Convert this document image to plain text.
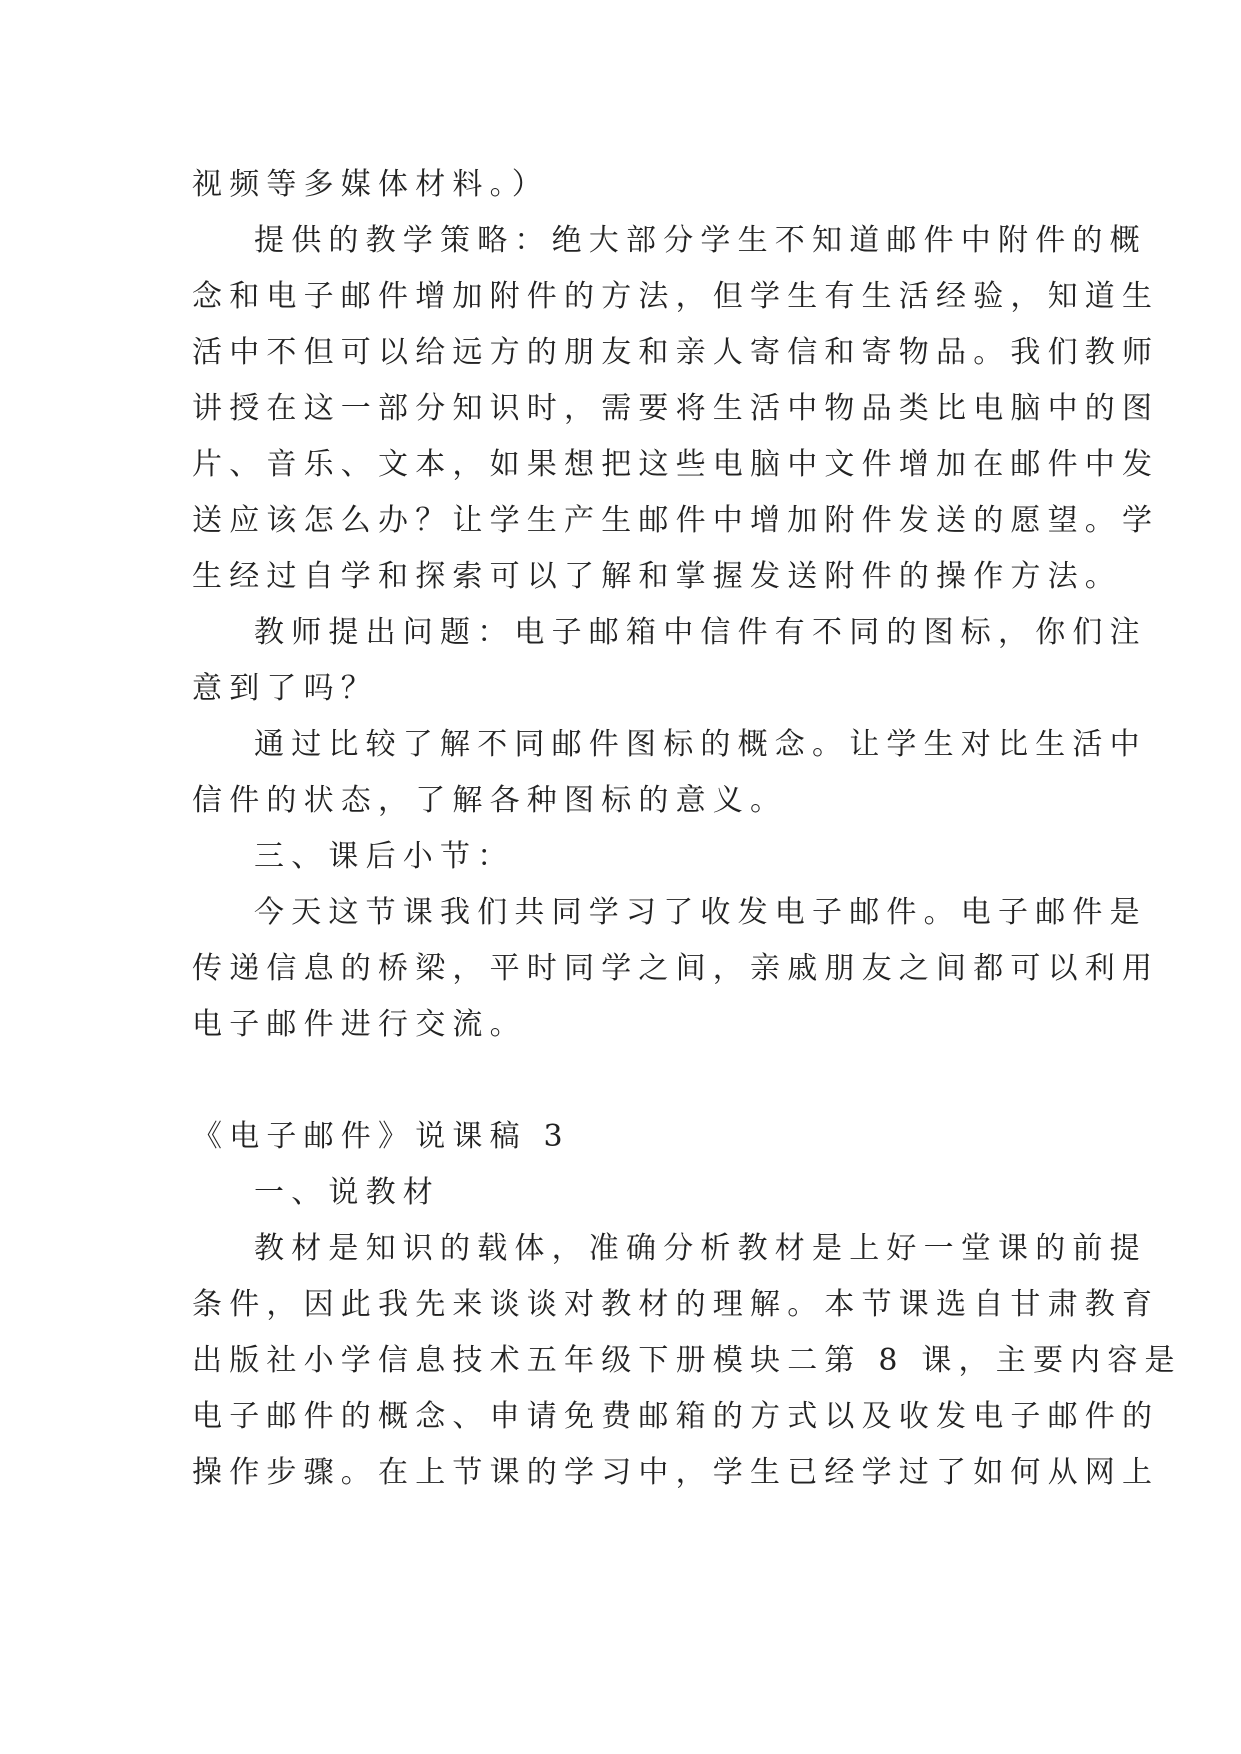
视频等多媒体材料。）
提供的教学策略：绝大部分学生不知道邮件中附件的概
念和电子邮件增加附件的方法，但学生有生活经验，知道生
活中不但可以给远方的朋友和亲人寄信和寄物品。我们教师
讲授在这一部分知识时，需要将生活中物品类比电脑中的图
片、音乐、文本，如果想把这些电脑中文件增加在邮件中发
送应该怎么办？让学生产生邮件中增加附件发送的愿望。学
生经过自学和探索可以了解和掌握发送附件的操作方法。
教师提出问题：电子邮箱中信件有不同的图标，你们注
意到了吗？
通过比较了解不同邮件图标的概念。让学生对比生活中
信件的状态，了解各种图标的意义。
三、课后小节：
今天这节课我们共同学习了收发电子邮件。电子邮件是
传递信息的桥梁，平时同学之间，亲戚朋友之间都可以利用
电子邮件进行交流。
《电子邮件》说课稿 3
一、说教材
教材是知识的载体，准确分析教材是上好一堂课的前提
条件，因此我先来谈谈对教材的理解。本节课选自甘肃教育
出版社小学信息技术五年级下册模块二第 8 课，主要内容是
电子邮件的概念、申请免费邮箱的方式以及收发电子邮件的
操作步骤。在上节课的学习中，学生已经学过了如何从网上
